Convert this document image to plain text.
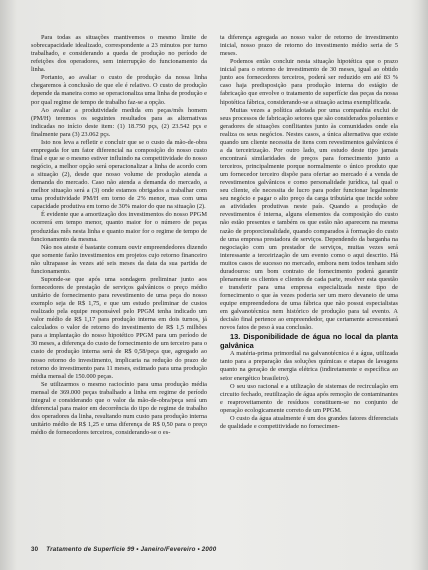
Para todas as situações mantivemos o mesmo limite de sobrecapacidade idealizado, correspondente a 23 minutos por turno trabalhado, e considerando a queda de produção no período de refeições dos operadores, sem interrupção do funcionamento da linha.

Portanto, ao avaliar o custo de produção da nossa linha chegaremos à conclusão de que ele é relativo. O custo de produção depende da maneira como se operacionaliza uma linha de produção e por qual regime de tempo de trabalho faz-se a opção.

Ao avaliar a produtividade medida em peças/mês homem (PM/H) teremos os seguintes resultados para as alternativas indicadas no início deste item: (1) 18.750 pçs, (2) 23.542 pçs e finalmente para (3) 23.062 pçs.

Isto nos leva a refletir e concluir que se o custo da mão-de-obra empregada for um fator diferencial na composição do nosso custo final e que se o mesmo estiver influindo na competitividade do nosso negócio, a melhor opção será operacionalizar a linha de acordo com a situação (2), desde que nosso volume de produção atenda a demanda do mercado. Caso não atenda a demanda do mercado, a melhor situação será a (3) onde estamos obrigados a trabalhar com uma produtividade PM/H em torno de 2% menor, mas com uma capacidade produtiva em torno de 30% maior do que na situação (2).

É evidente que a amortização dos investimentos do nosso PPGM ocorrerá em tempo menor, quanto maior for o número de peças produzidas mês nesta linha e quanto maior for o regime de tempo de funcionamento da mesma.

Não nos ateste é bastante comum ouvir empreendedores dizendo que somente farão investimentos em projetos cujo retorno financeiro não ultrapasse às vezes até seis meses da data da sua partida de funcionamento.

Suponde-se que após uma sondagem preliminar junto aos fornecedores de prestação de serviços galvânicos o preço médio unitário de fornecimento para revestimento de uma peça do nosso exemplo seja de R$ 1,75, e que um estudo preliminar de custos realizado pela equipe responsável pelo PPGM tenha indicado um valor médio de R$ 1,17 para produção interna em dois turnos, já calculados o valor de retorno do investimento de R$ 1,5 milhões para a implantação do nosso hipotético PPGM para um período de 30 meses, a diferença do custo de fornecimento de um terceiro para o custo de produção interna será de R$ 0,58/peça que, agregado ao nosso retorno do investimento, implicaria na redução do prazo de retorno do investimento para 11 meses, estimado para uma produção média mensal de 150.000 peças.

Se utilizarmos o mesmo raciocínio para uma produção média mensal de 369.000 peças trabalhado a linha em regime de período integral e considerando que o valor da mão-de-obra/peça será um diferencial para maior em decorrência do tipo de regime de trabalho dos operadores da linha, resultando num custo para produção interna unitário médio de R$ 1,25 e uma diferença de R$ 0,50 para o preço médio de fornecedores terceiros, considerando-se o es-

ta diferença agregada ao nosso valor de retorno de investimento inicial, nosso prazo de retorno do investimento médio seria de 5 meses.

Podemos então concluir nesta situação hipotética que o prazo inicial para o retorno de investimento de 30 meses, igual ao obtido junto aos fornecedores terceiros, poderá ser reduzido em até 83 % caso haja predisposição para produção interna do estágio de fabricação que envolve o tratamento de superfície das peças da nossa hipotética fábrica, considerando-se a situação acima exemplificada.

Muitas vezes a política adotada por uma companhia exclui de seus processos de fabricação setores que são considerados poluentes e geradores de situações conflitantes junto às comunidades onde ela realiza os seus negócios. Nestes casos, a única alternativa que existe quando um cliente necessita de itens com revestimentos galvânicos é a da terceirização. Por outro lado, um estudo deste tipo jamais encontrará similaridades de preços para fornecimento junto a terceiros, principalmente porque normalmente o único produto que um fornecedor terceiro dispõe para ofertar ao mercado é a venda de revestimentos galvânicos e como personalidade jurídica, tal qual o seu cliente, ele necessita de lucro para poder funcionar legalmente seu negócio e pagar o alto preço da carga tributária que incide sobre as atividades produtivas neste país. Quando a produção de revestimentos é interna, alguns elementos da composição do custo não estão presentes e também os que estão não aparecem na mesma razão de proporcionalidade, quando comparados à formação do custo de uma empresa prestadora de serviços. Dependendo da barganha na negociação com um prestador de serviços, muitas vezes será interessante a terceirização de um evento como o aqui descrito. Há muitos casos de sucesso no mercado, embora nem todos tenham sido duradouros: um bom contrato de fornecimento poderá garantir plenamente os clientes e clientes de cada parte, resolver esta questão e transferir para uma empresa especializada neste tipo de fornecimento o que às vezes poderia ser um mero devaneio de uma equipe empreendedora de uma fábrica que não possui especialistas em galvanotécnica nem histórico de produção para tal evento. A decisão final pertence ao empreendedor, que certamente acrescentará novos fatos de peso à sua conclusão.

13. Disponibilidade de água no local da planta galvânica

A matéria-prima primordial na galvanotécnica é a água, utilizada tanto para a preparação das soluções químicas e etapas de lavagens quanto na geração de energia elétrica (indiretamente e específica ao setor energético brasileiro).

O seu uso racional e a utilização de sistemas de recirculação em circuito fechado, reutilização de água após remoção de contaminantes e reaproveitamento de resíduos constituem-se no conjunto de operação ecologicamente correto de um PPGM.

O custo da água atualmente é um dos grandes fatores diferenciais de qualidade e competitividade no fornecimen-

30 Tratamento de Superfície 99 • Janeiro/Fevereiro • 2000
